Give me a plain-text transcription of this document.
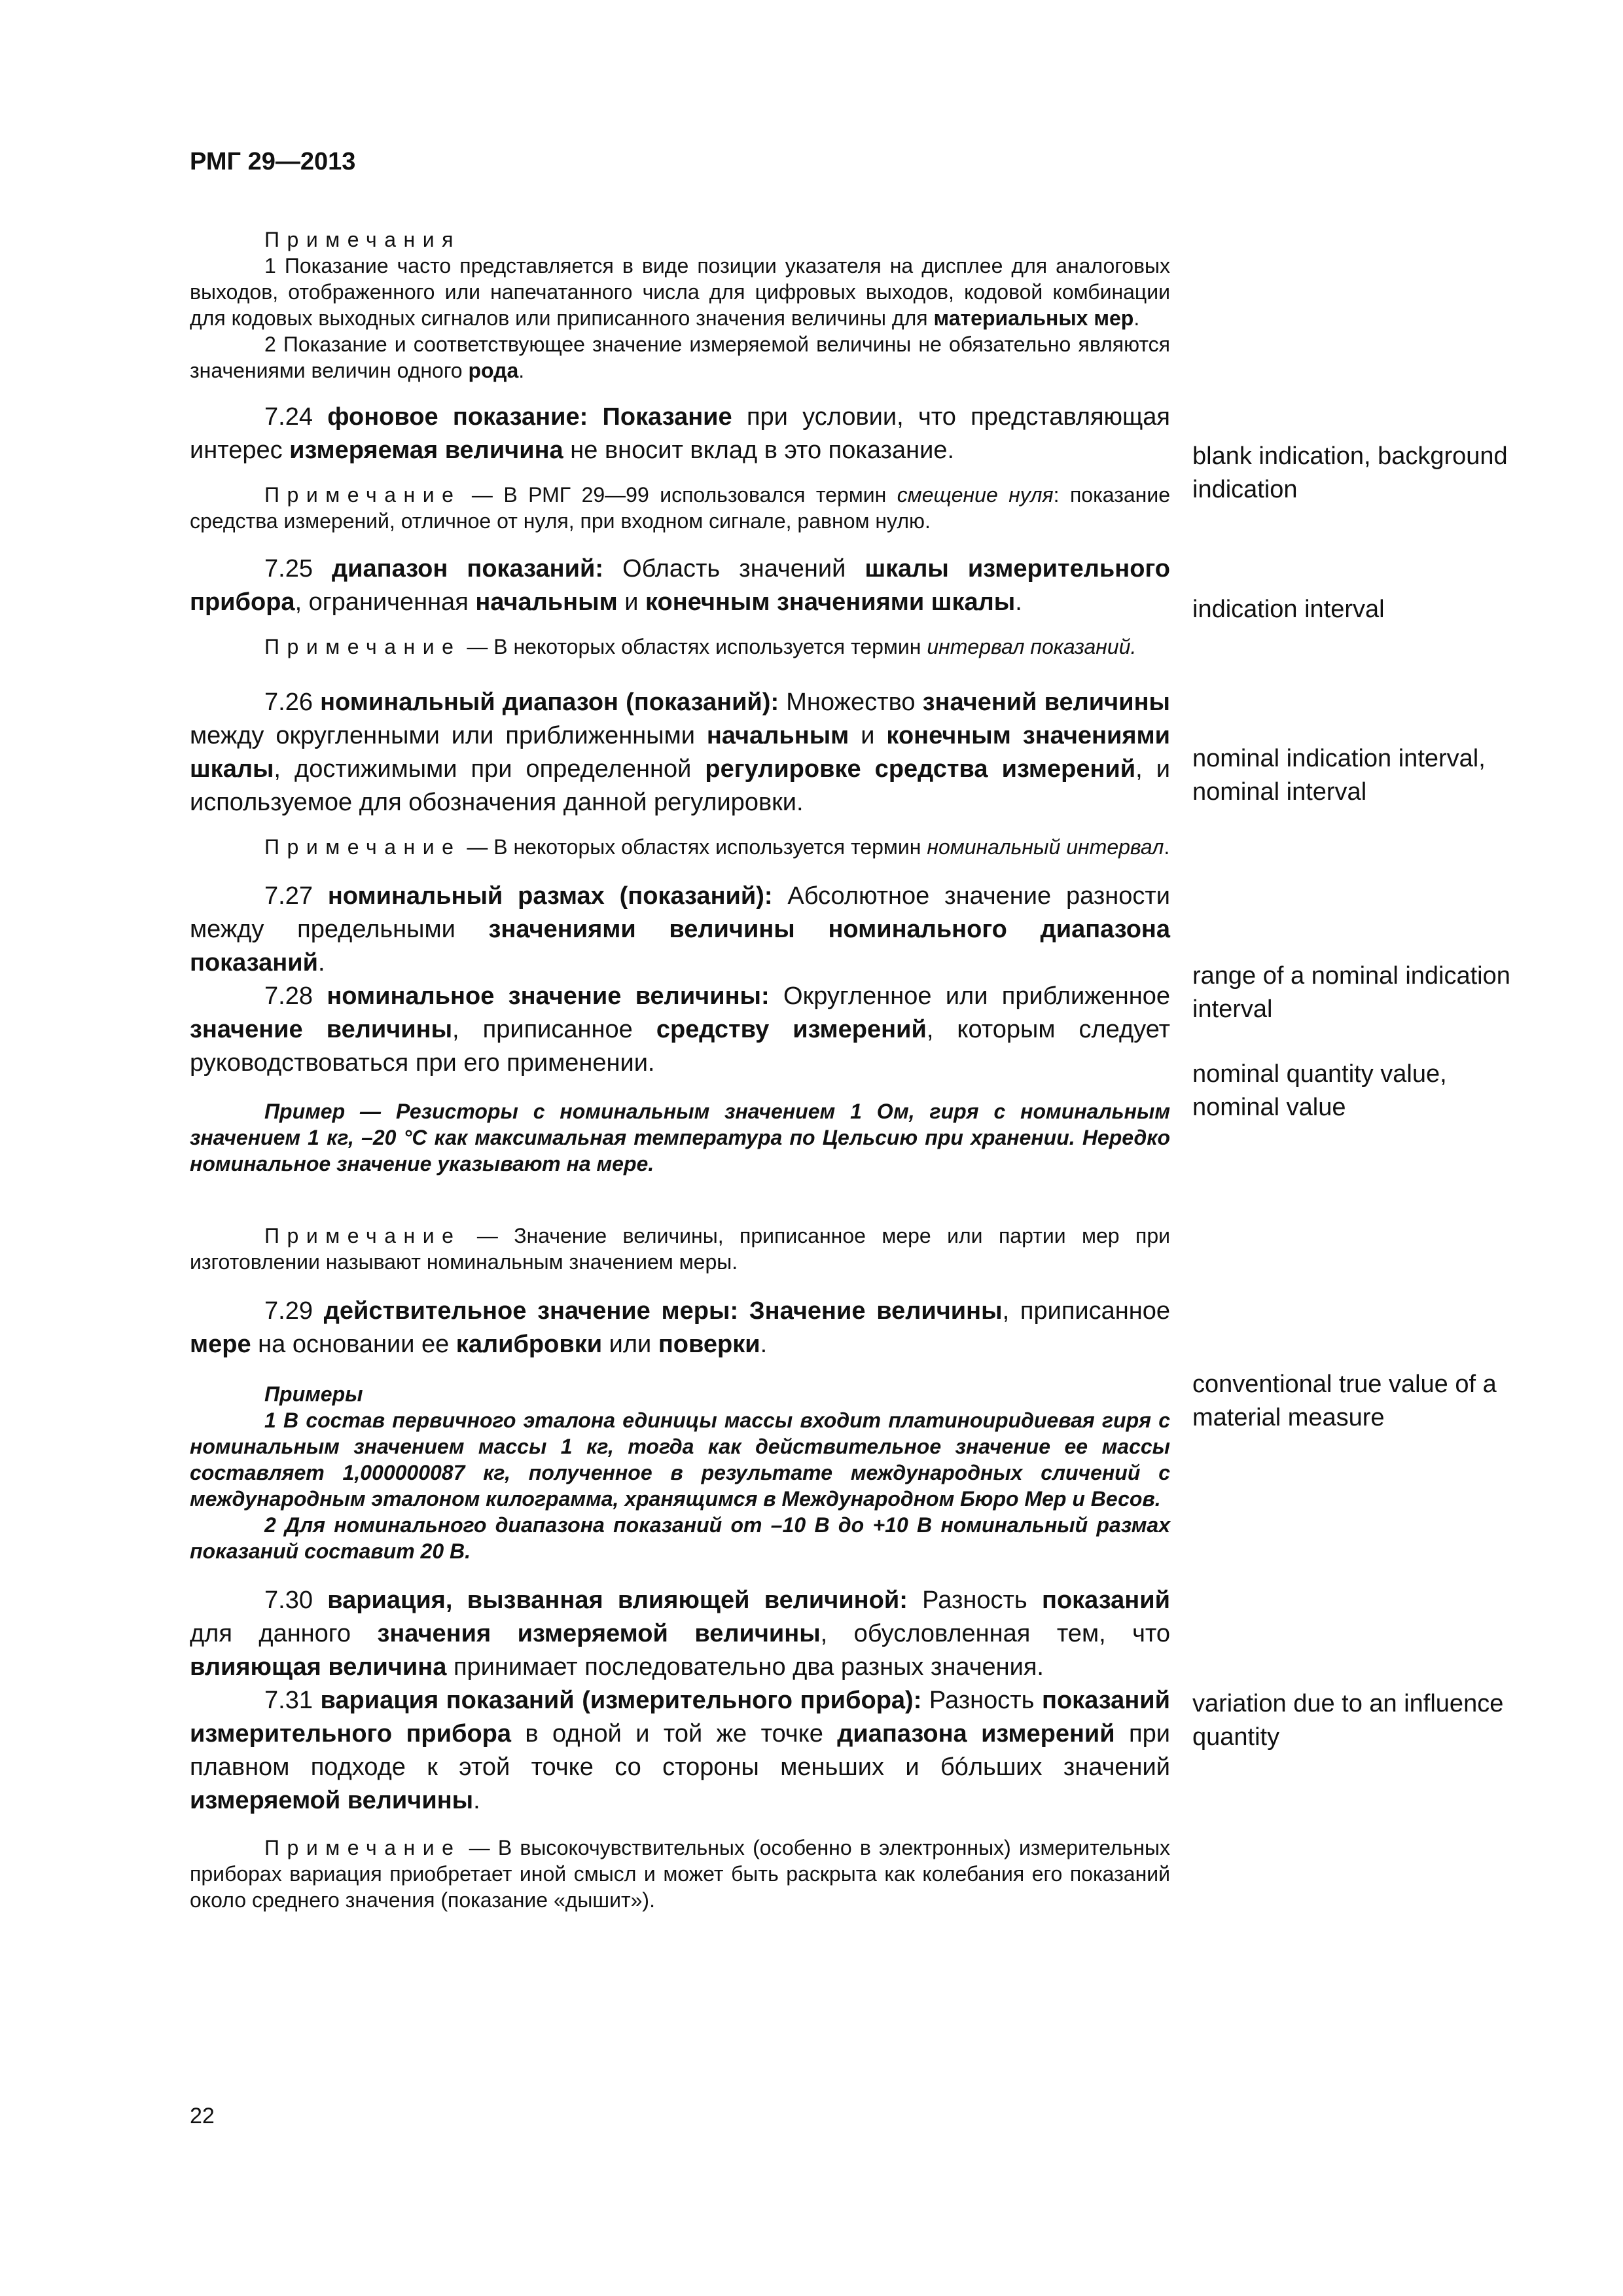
РМГ 29—2013
blank indication, background indication
indication interval
nominal indication interval, nominal interval
range of a nominal indication interval
nominal quantity value, nominal value
conventional true value of a material measure
variation due to an influence quantity

Примечания

1 Показание часто представляется в виде позиции указателя на дисплее для аналоговых выходов, отображенного или напечатанного числа для цифровых выходов, кодовой комбинации для кодовых выходных сигналов или приписанного значения величины для материальных мер.

2 Показание и соответствующее значение измеряемой величины не обязательно являются значениями величин одного рода.

7.24 фоновое показание: Показание при условии, что представляющая интерес измеряемая величина не вносит вклад в это показание.

Примечание — В РМГ 29—99 использовался термин смещение нуля: показание средства измерений, отличное от нуля, при входном сигнале, равном нулю.

7.25 диапазон показаний: Область значений шкалы измерительного прибора, ограниченная начальным и конечным значениями шкалы.

Примечание — В некоторых областях используется термин интервал показаний.

7.26 номинальный диапазон (показаний): Множество значений величины между округленными или приближенными начальным и конечным значениями шкалы, достижимыми при определенной регулировке средства измерений, и используемое для обозначения данной регулировки.

Примечание — В некоторых областях используется термин номинальный интервал.

7.27 номинальный размах (показаний): Абсолютное значение разности между предельными значениями величины номинального диапазона показаний.

7.28 номинальное значение величины: Округленное или приближенное значение величины, приписанное средству измерений, которым следует руководствоваться при его применении.

Пример — Резисторы с номинальным значением 1 Ом, гиря с номинальным значением 1 кг, –20 °С как максимальная температура по Цельсию при хранении. Нередко номинальное значение указывают на мере.

Примечание — Значение величины, приписанное мере или партии мер при изготовлении называют номинальным значением меры.

7.29 действительное значение меры: Значение величины, приписанное мере на основании ее калибровки или поверки.

Примеры

1 В состав первичного эталона единицы массы входит платиноиридиевая гиря с номинальным значением массы 1 кг, тогда как действительное значение ее массы составляет 1,000000087 кг, полученное в результате международных сличений с международным эталоном килограмма, хранящимся в Международном Бюро Мер и Весов.

2 Для номинального диапазона показаний от –10 В до +10 В номинальный размах показаний составит 20 В.

7.30 вариация, вызванная влияющей величиной: Разность показаний для данного значения измеряемой величины, обусловленная тем, что влияющая величина принимает последовательно два разных значения.

7.31 вариация показаний (измерительного прибора): Разность показаний измерительного прибора в одной и той же точке диапазона измерений при плавном подходе к этой точке со стороны меньших и бóльших значений измеряемой величины.

Примечание — В высокочувствительных (особенно в электронных) измерительных приборах вариация приобретает иной смысл и может быть раскрыта как колебания его показаний около среднего значения (показание «дышит»).

22
